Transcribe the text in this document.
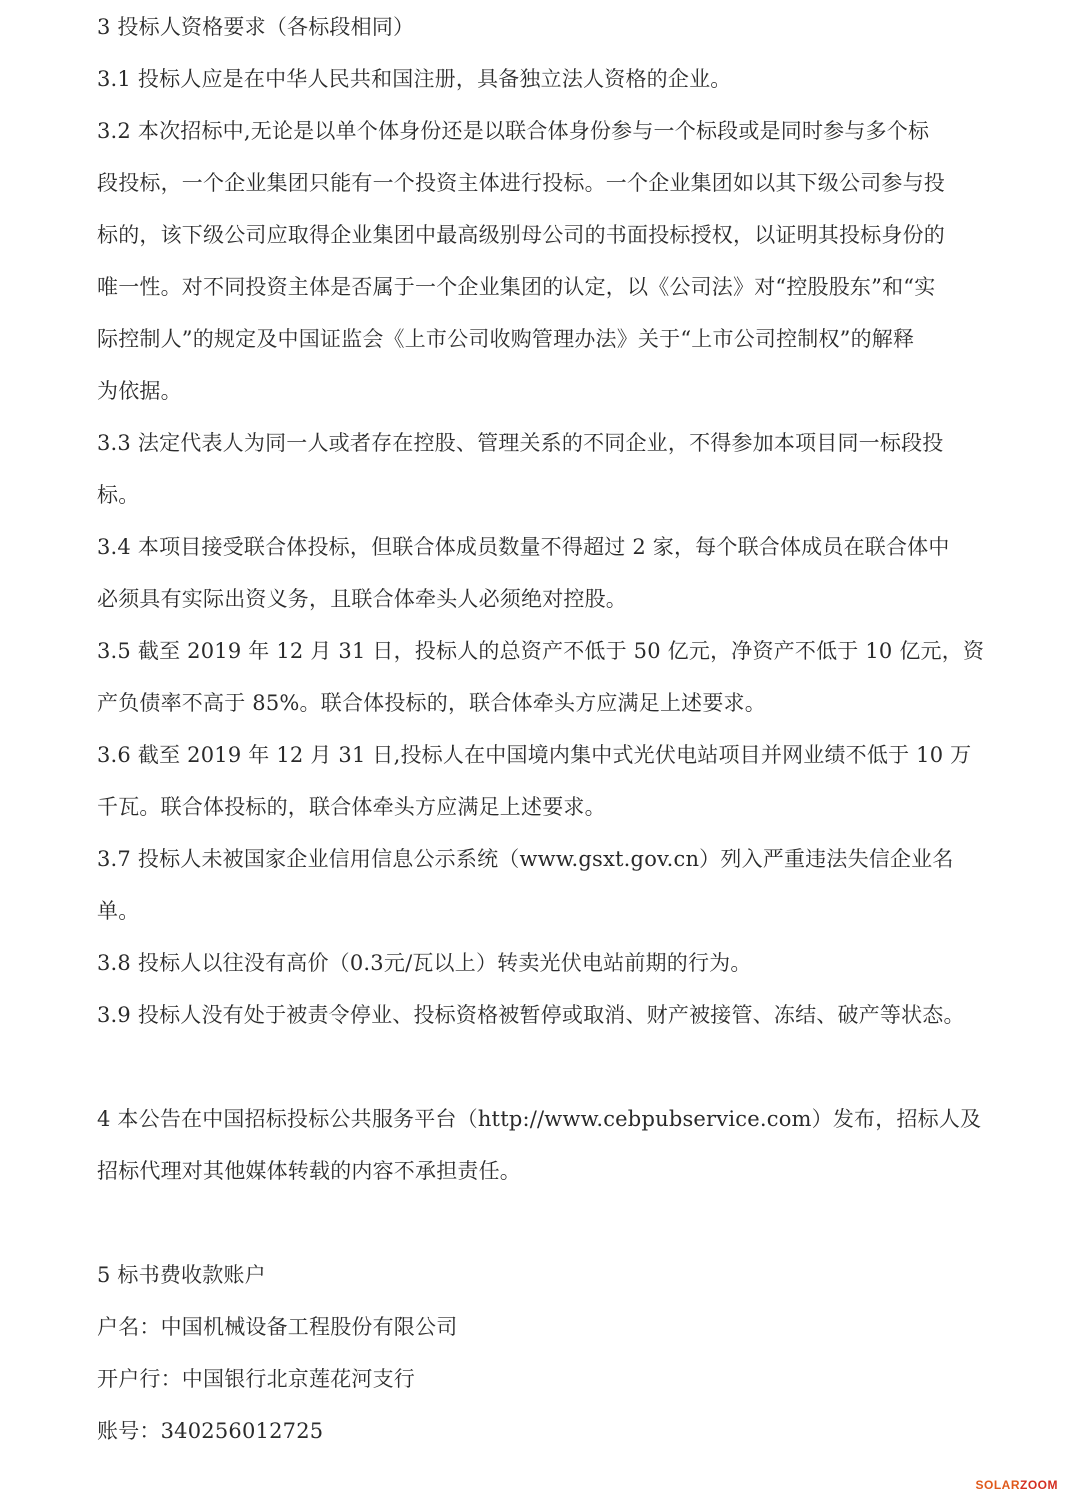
3 投标人资格要求（各标段相同）
3.1 投标人应是在中华人民共和国注册，具备独立法人资格的企业。
3.2 本次招标中,无论是以单个体身份还是以联合体身份参与一个标段或是同时参与多个标
段投标，一个企业集团只能有一个投资主体进行投标。一个企业集团如以其下级公司参与投
标的，该下级公司应取得企业集团中最高级别母公司的书面投标授权，以证明其投标身份的
唯一性。对不同投资主体是否属于一个企业集团的认定，以《公司法》对“控股股东”和“实
际控制人”的规定及中国证监会《上市公司收购管理办法》关于“上市公司控制权”的解释
为依据。
3.3 法定代表人为同一人或者存在控股、管理关系的不同企业，不得参加本项目同一标段投
标。
3.4 本项目接受联合体投标，但联合体成员数量不得超过 2 家，每个联合体成员在联合体中
必须具有实际出资义务，且联合体牵头人必须绝对控股。
3.5 截至 2019 年 12 月 31 日，投标人的总资产不低于 50 亿元，净资产不低于 10 亿元，资
产负债率不高于 85%。联合体投标的，联合体牵头方应满足上述要求。
3.6 截至 2019 年 12 月 31 日,投标人在中国境内集中式光伏电站项目并网业绩不低于 10 万
千瓦。联合体投标的，联合体牵头方应满足上述要求。
3.7 投标人未被国家企业信用信息公示系统（www.gsxt.gov.cn）列入严重违法失信企业名
单。
3.8 投标人以往没有高价（0.3元/瓦以上）转卖光伏电站前期的行为。
3.9 投标人没有处于被责令停业、投标资格被暂停或取消、财产被接管、冻结、破产等状态。
4 本公告在中国招标投标公共服务平台（http://www.cebpubservice.com）发布，招标人及
招标代理对其他媒体转载的内容不承担责任。
5 标书费收款账户
户名：中国机械设备工程股份有限公司
开户行：中国银行北京莲花河支行
账号：340256012725
SOLARZOOM
